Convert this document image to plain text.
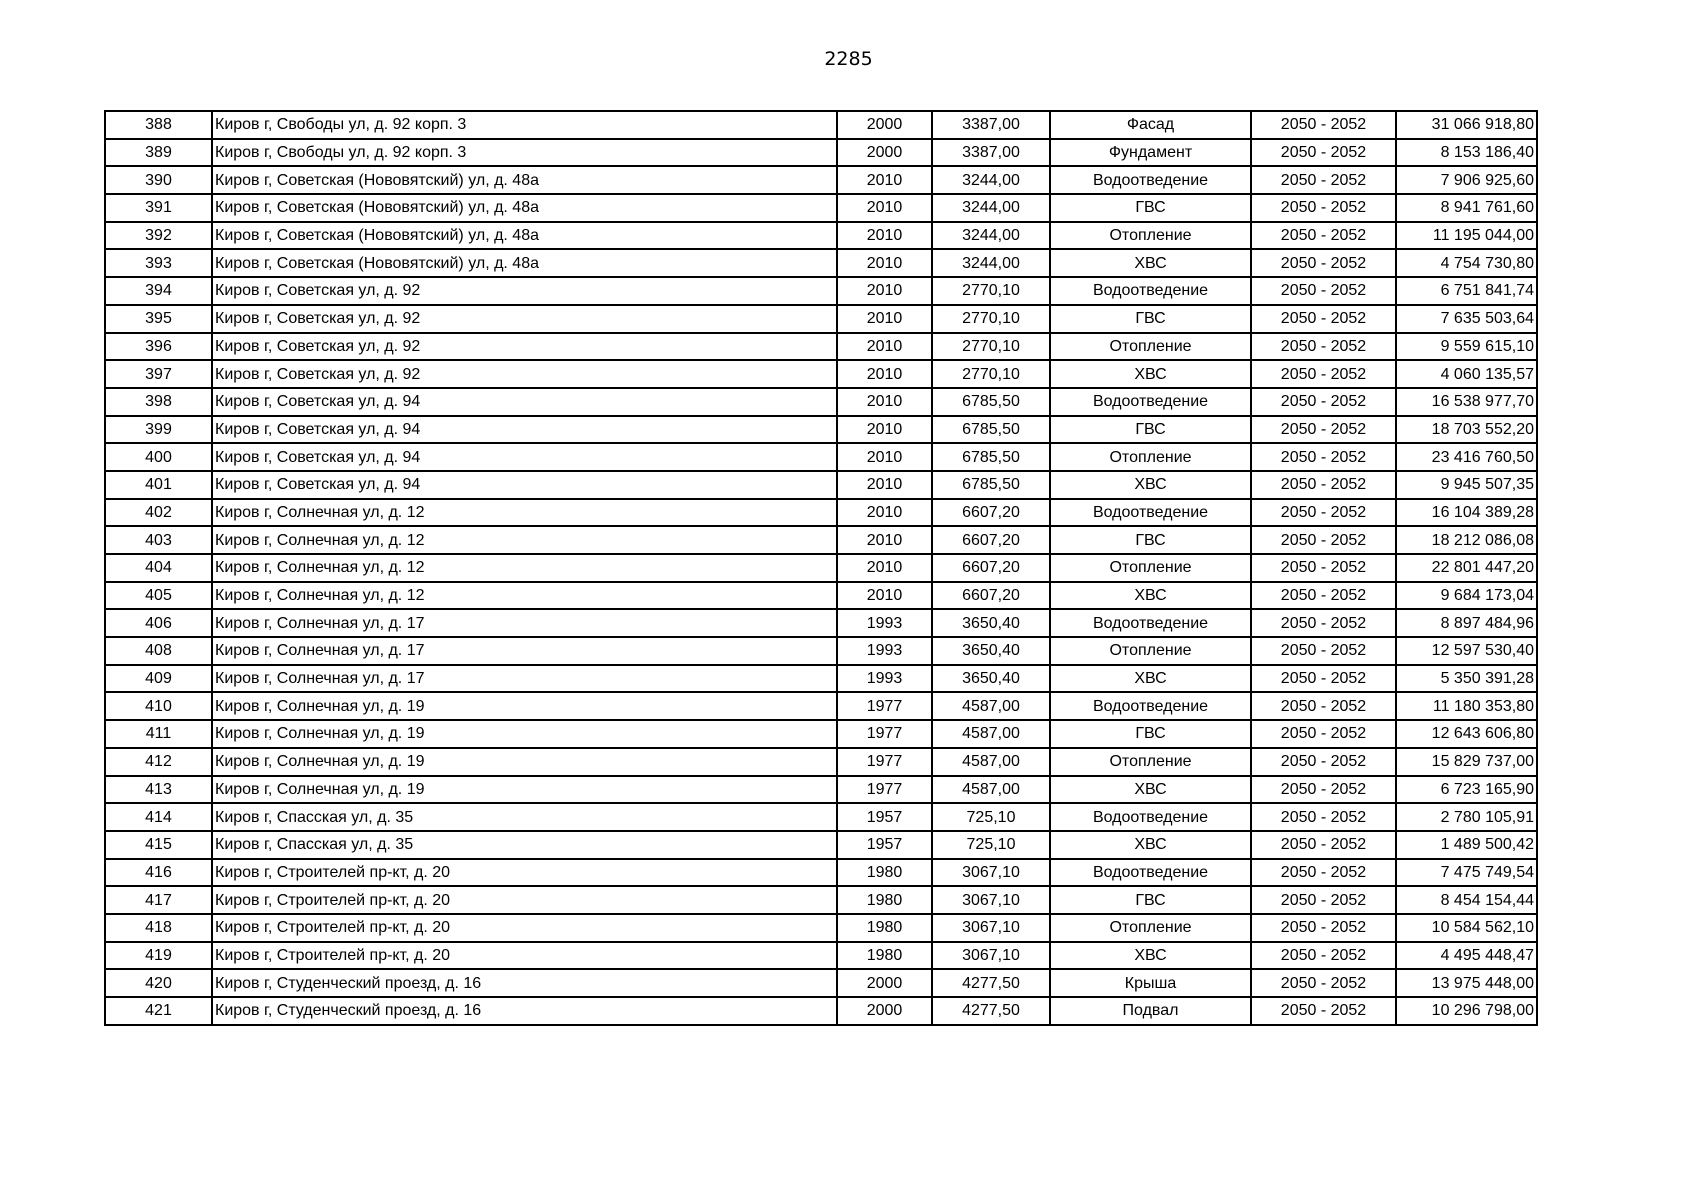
2285
388	Киров г, Свободы ул, д. 92 корп. 3	2000	3387,00	Фасад	2050 - 2052	31 066 918,80
389	Киров г, Свободы ул, д. 92 корп. 3	2000	3387,00	Фундамент	2050 - 2052	8 153 186,40
390	Киров г, Советская (Нововятский) ул, д. 48а	2010	3244,00	Водоотведение	2050 - 2052	7 906 925,60
391	Киров г, Советская (Нововятский) ул, д. 48а	2010	3244,00	ГВС	2050 - 2052	8 941 761,60
392	Киров г, Советская (Нововятский) ул, д. 48а	2010	3244,00	Отопление	2050 - 2052	11 195 044,00
393	Киров г, Советская (Нововятский) ул, д. 48а	2010	3244,00	ХВС	2050 - 2052	4 754 730,80
394	Киров г, Советская ул, д. 92	2010	2770,10	Водоотведение	2050 - 2052	6 751 841,74
395	Киров г, Советская ул, д. 92	2010	2770,10	ГВС	2050 - 2052	7 635 503,64
396	Киров г, Советская ул, д. 92	2010	2770,10	Отопление	2050 - 2052	9 559 615,10
397	Киров г, Советская ул, д. 92	2010	2770,10	ХВС	2050 - 2052	4 060 135,57
398	Киров г, Советская ул, д. 94	2010	6785,50	Водоотведение	2050 - 2052	16 538 977,70
399	Киров г, Советская ул, д. 94	2010	6785,50	ГВС	2050 - 2052	18 703 552,20
400	Киров г, Советская ул, д. 94	2010	6785,50	Отопление	2050 - 2052	23 416 760,50
401	Киров г, Советская ул, д. 94	2010	6785,50	ХВС	2050 - 2052	9 945 507,35
402	Киров г, Солнечная ул, д. 12	2010	6607,20	Водоотведение	2050 - 2052	16 104 389,28
403	Киров г, Солнечная ул, д. 12	2010	6607,20	ГВС	2050 - 2052	18 212 086,08
404	Киров г, Солнечная ул, д. 12	2010	6607,20	Отопление	2050 - 2052	22 801 447,20
405	Киров г, Солнечная ул, д. 12	2010	6607,20	ХВС	2050 - 2052	9 684 173,04
406	Киров г, Солнечная ул, д. 17	1993	3650,40	Водоотведение	2050 - 2052	8 897 484,96
408	Киров г, Солнечная ул, д. 17	1993	3650,40	Отопление	2050 - 2052	12 597 530,40
409	Киров г, Солнечная ул, д. 17	1993	3650,40	ХВС	2050 - 2052	5 350 391,28
410	Киров г, Солнечная ул, д. 19	1977	4587,00	Водоотведение	2050 - 2052	11 180 353,80
411	Киров г, Солнечная ул, д. 19	1977	4587,00	ГВС	2050 - 2052	12 643 606,80
412	Киров г, Солнечная ул, д. 19	1977	4587,00	Отопление	2050 - 2052	15 829 737,00
413	Киров г, Солнечная ул, д. 19	1977	4587,00	ХВС	2050 - 2052	6 723 165,90
414	Киров г, Спасская ул, д. 35	1957	725,10	Водоотведение	2050 - 2052	2 780 105,91
415	Киров г, Спасская ул, д. 35	1957	725,10	ХВС	2050 - 2052	1 489 500,42
416	Киров г, Строителей пр-кт, д. 20	1980	3067,10	Водоотведение	2050 - 2052	7 475 749,54
417	Киров г, Строителей пр-кт, д. 20	1980	3067,10	ГВС	2050 - 2052	8 454 154,44
418	Киров г, Строителей пр-кт, д. 20	1980	3067,10	Отопление	2050 - 2052	10 584 562,10
419	Киров г, Строителей пр-кт, д. 20	1980	3067,10	ХВС	2050 - 2052	4 495 448,47
420	Киров г, Студенческий проезд, д. 16	2000	4277,50	Крыша	2050 - 2052	13 975 448,00
421	Киров г, Студенческий проезд, д. 16	2000	4277,50	Подвал	2050 - 2052	10 296 798,00
